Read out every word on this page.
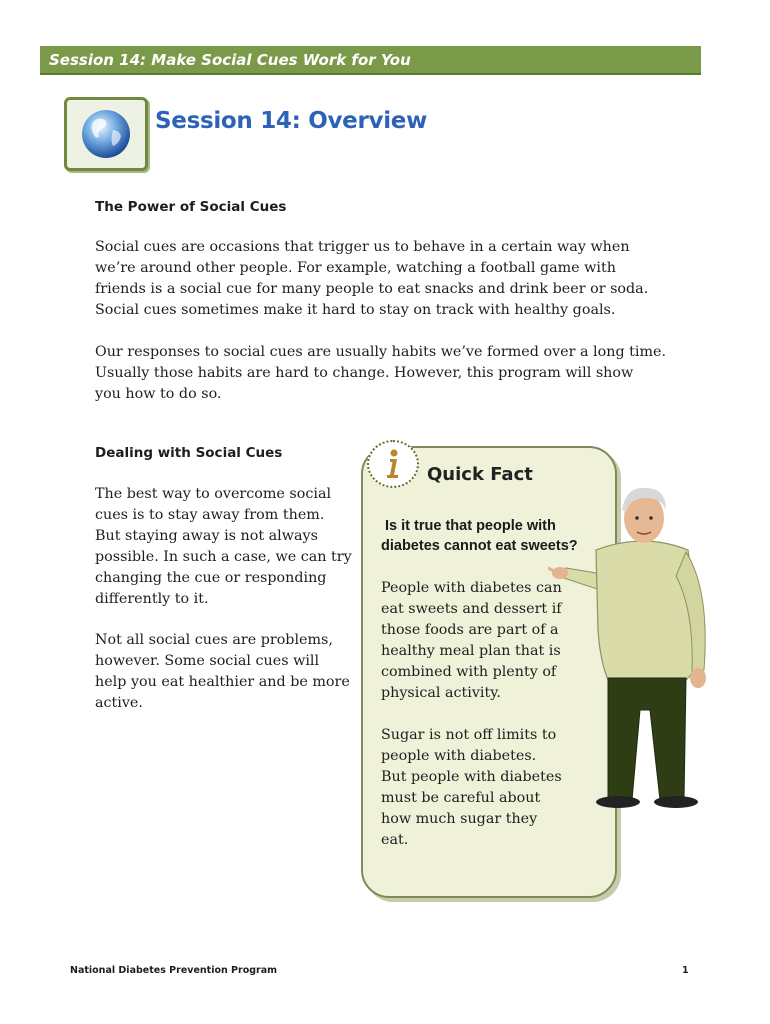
Session 14: Make Social Cues Work for You
Session 14: Overview
The Power of Social Cues
Social cues are occasions that trigger us to behave in a certain way when
we’re around other people. For example, watching a football game with
friends is a social cue for many people to eat snacks and drink beer or soda.
Social cues sometimes make it hard to stay on track with healthy goals.
Our responses to social cues are usually habits we’ve formed over a long time.
Usually those habits are hard to change. However, this program will show
you how to do so.
Dealing with Social Cues
The best way to overcome social
cues is to stay away from them.
But staying away is not always
possible. In such a case, we can try
changing the cue or responding
differently to it.
Not all social cues are problems,
however. Some social cues will
help you eat healthier and be more
active.
Quick Fact
Is it true that people with
diabetes cannot eat sweets?
People with diabetes can
eat sweets and dessert if
those foods are part of a
healthy meal plan that is
combined with plenty of
physical activity.
Sugar is not off limits to
people with diabetes.
But people with diabetes
must be careful about
how much sugar they
eat.
National Diabetes Prevention Program	1
